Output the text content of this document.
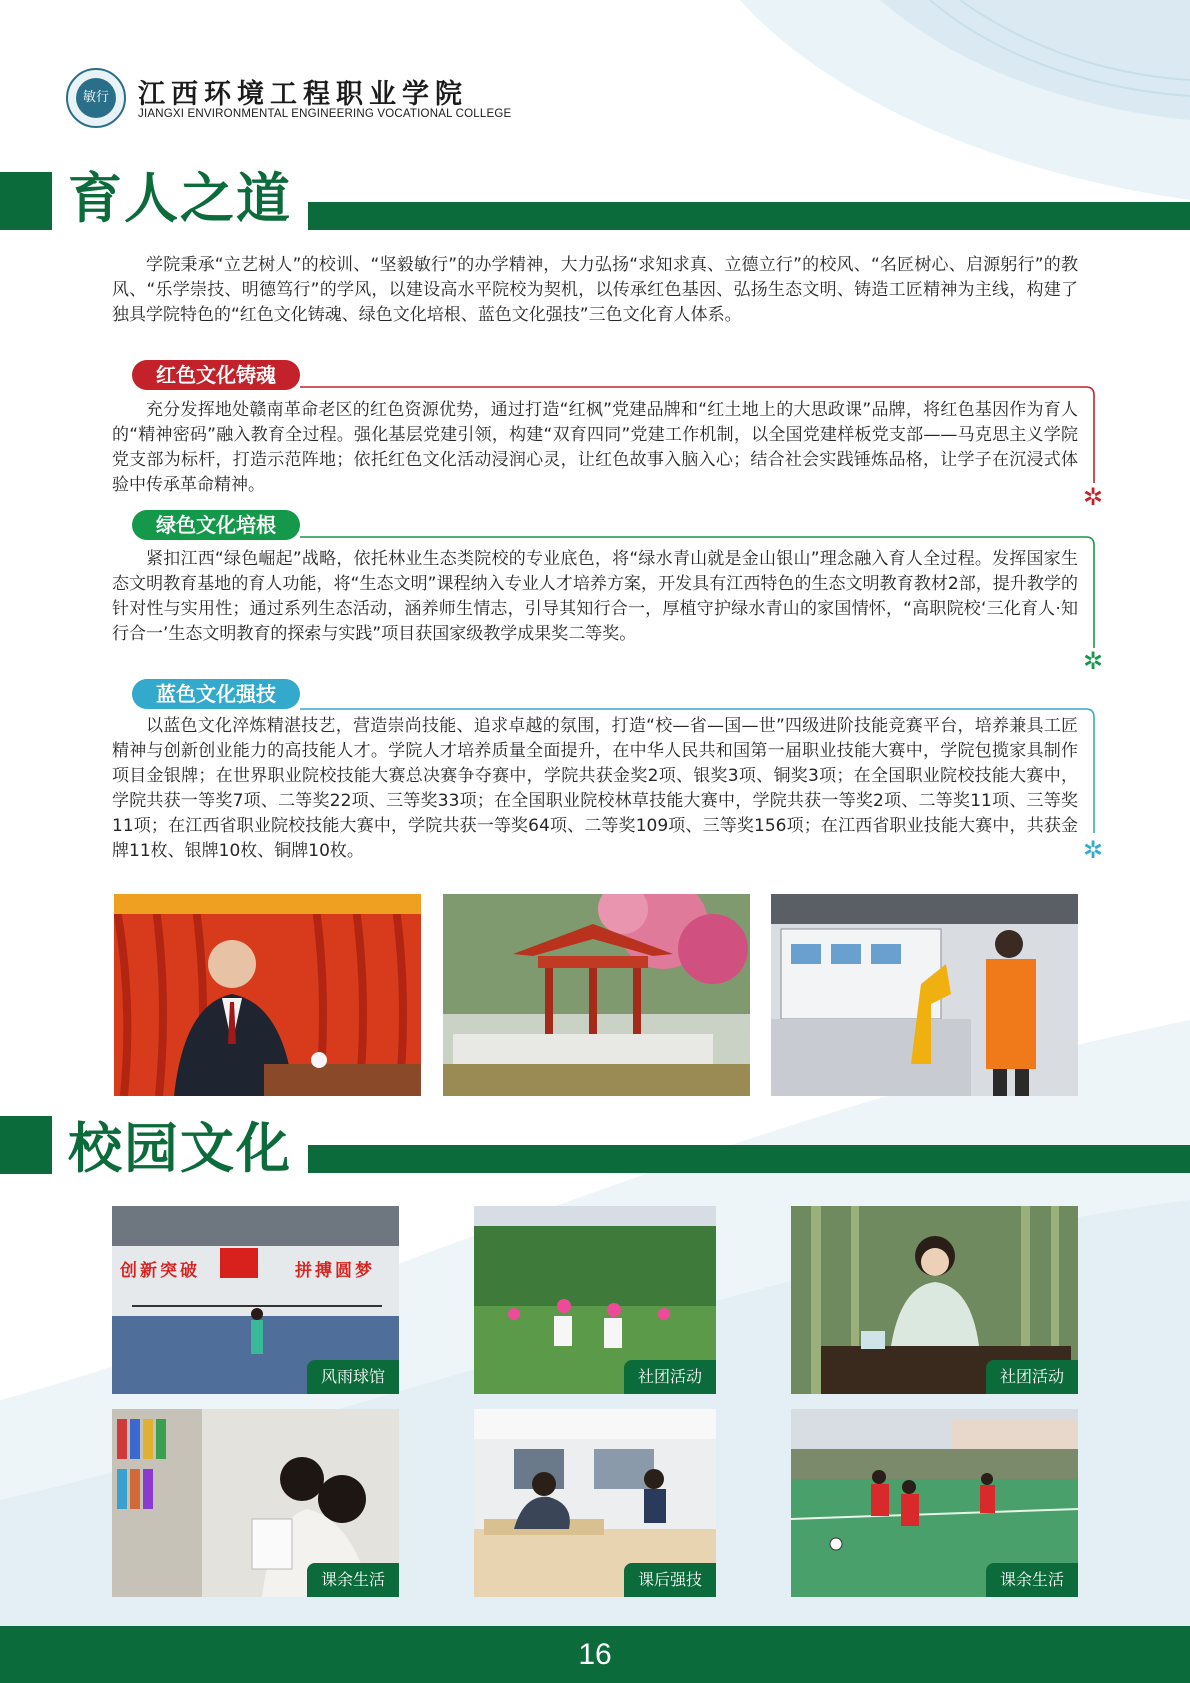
敏行 江西环境工程职业学院
JIANGXI ENVIRONMENTAL ENGINEERING VOCATIONAL COLLEGE
育人之道
学院秉承“立艺树人”的校训、“坚毅敏行”的办学精神，大力弘扬“求知求真、立德立行”的校风、“名匠树心、启源躬行”的教风、“乐学崇技、明德笃行”的学风，以建设高水平院校为契机，以传承红色基因、弘扬生态文明、铸造工匠精神为主线，构建了独具学院特色的“红色文化铸魂、绿色文化培根、蓝色文化强技”三色文化育人体系。
红色文化铸魂
充分发挥地处赣南革命老区的红色资源优势，通过打造“红枫”党建品牌和“红土地上的大思政课”品牌，将红色基因作为育人的“精神密码”融入教育全过程。强化基层党建引领，构建“双育四同”党建工作机制，以全国党建样板党支部——马克思主义学院党支部为标杆，打造示范阵地；依托红色文化活动浸润心灵，让红色故事入脑入心；结合社会实践锤炼品格，让学子在沉浸式体验中传承革命精神。	✲
绿色文化培根
紧扣江西“绿色崛起”战略，依托林业生态类院校的专业底色，将“绿水青山就是金山银山”理念融入育人全过程。发挥国家生态文明教育基地的育人功能，将“生态文明”课程纳入专业人才培养方案，开发具有江西特色的生态文明教育教材2部，提升教学的针对性与实用性；通过系列生态活动，涵养师生情志，引导其知行合一，厚植守护绿水青山的家国情怀，“高职院校‘三化育人·知行合一’生态文明教育的探索与实践”项目获国家级教学成果奖二等奖。
✲
蓝色文化强技
以蓝色文化淬炼精湛技艺，营造崇尚技能、追求卓越的氛围，打造“校—省—国—世”四级进阶技能竞赛平台，培养兼具工匠精神与创新创业能力的高技能人才。学院人才培养质量全面提升，在中华人民共和国第一届职业技能大赛中，学院包揽家具制作项目金银牌；在世界职业院校技能大赛总决赛争夺赛中，学院共获金奖2项、银奖3项、铜奖3项；在全国职业院校技能大赛中，学院共获一等奖7项、二等奖22项、三等奖33项；在全国职业院校林草技能大赛中，学院共获一等奖2项、二等奖11项、三等奖11项；在江西省职业院校技能大赛中，学院共获一等奖64项、二等奖109项、三等奖156项；在江西省职业技能大赛中，共获金牌11枚、银牌10枚、铜牌10枚。	✲
校园文化
创新突破	拼搏圆梦
风雨球馆	社团活动	社团活动
课余生活	课后强技	课余生活
16
